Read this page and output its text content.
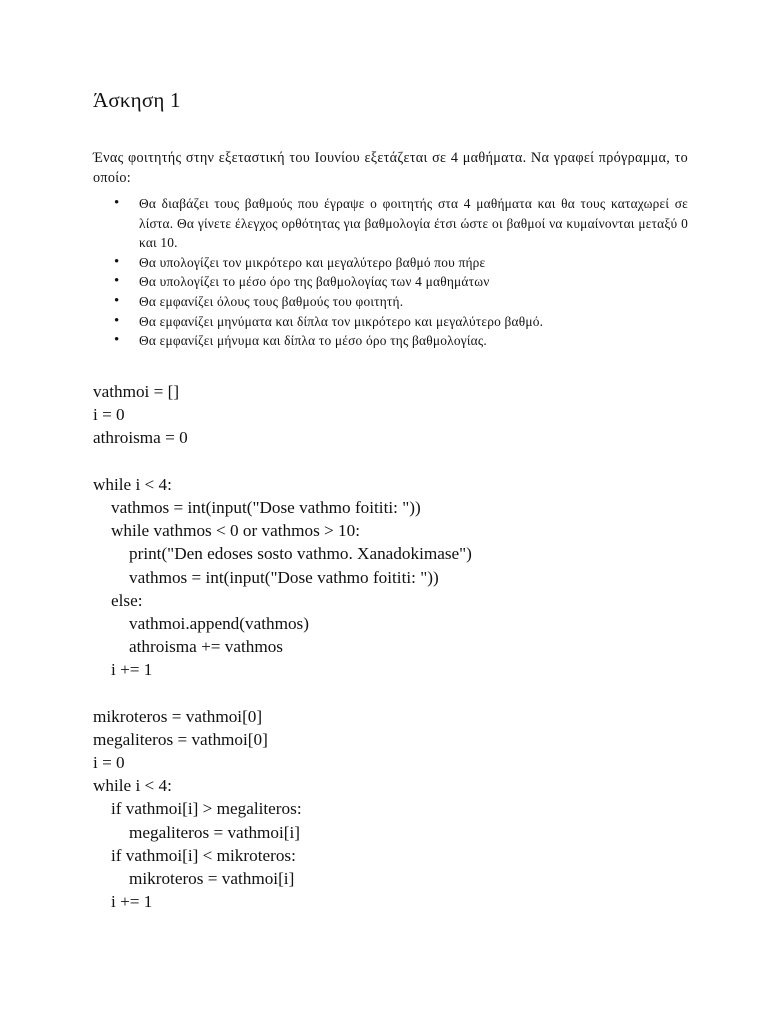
Άσκηση 1

Ένας φοιτητής στην εξεταστική του Ιουνίου εξετάζεται σε 4 μαθήματα. Να γραφεί πρόγραμμα, το οποίο:

• Θα διαβάζει τους βαθμούς που έγραψε ο φοιτητής στα 4 μαθήματα και θα τους καταχωρεί σε λίστα. Θα γίνετε έλεγχος ορθότητας για βαθμολογία έτσι ώστε οι βαθμοί να κυμαίνονται μεταξύ 0 και 10.
• Θα υπολογίζει τον μικρότερο και μεγαλύτερο βαθμό που πήρε
• Θα υπολογίζει το μέσο όρο της βαθμολογίας των 4 μαθημάτων
• Θα εμφανίζει όλους τους βαθμούς του φοιτητή.
• Θα εμφανίζει μηνύματα και δίπλα τον μικρότερο και μεγαλύτερο βαθμό.
• Θα εμφανίζει μήνυμα και δίπλα το μέσο όρο της βαθμολογίας.
vathmoi = []
i = 0
athroisma = 0
while i < 4:
vathmos = int(input("Dose vathmo foititi: "))
while vathmos < 0 or vathmos > 10:
print("Den edoses sosto vathmo. Xanadokimase")
vathmos = int(input("Dose vathmo foititi: "))
else:
vathmoi.append(vathmos)
athroisma += vathmos
i += 1
mikroteros = vathmoi[0]
megaliteros = vathmoi[0]
i = 0
while i < 4:
if vathmoi[i] > megaliteros:
megaliteros = vathmoi[i]
if vathmoi[i] < mikroteros:
mikroteros = vathmoi[i]
i += 1
